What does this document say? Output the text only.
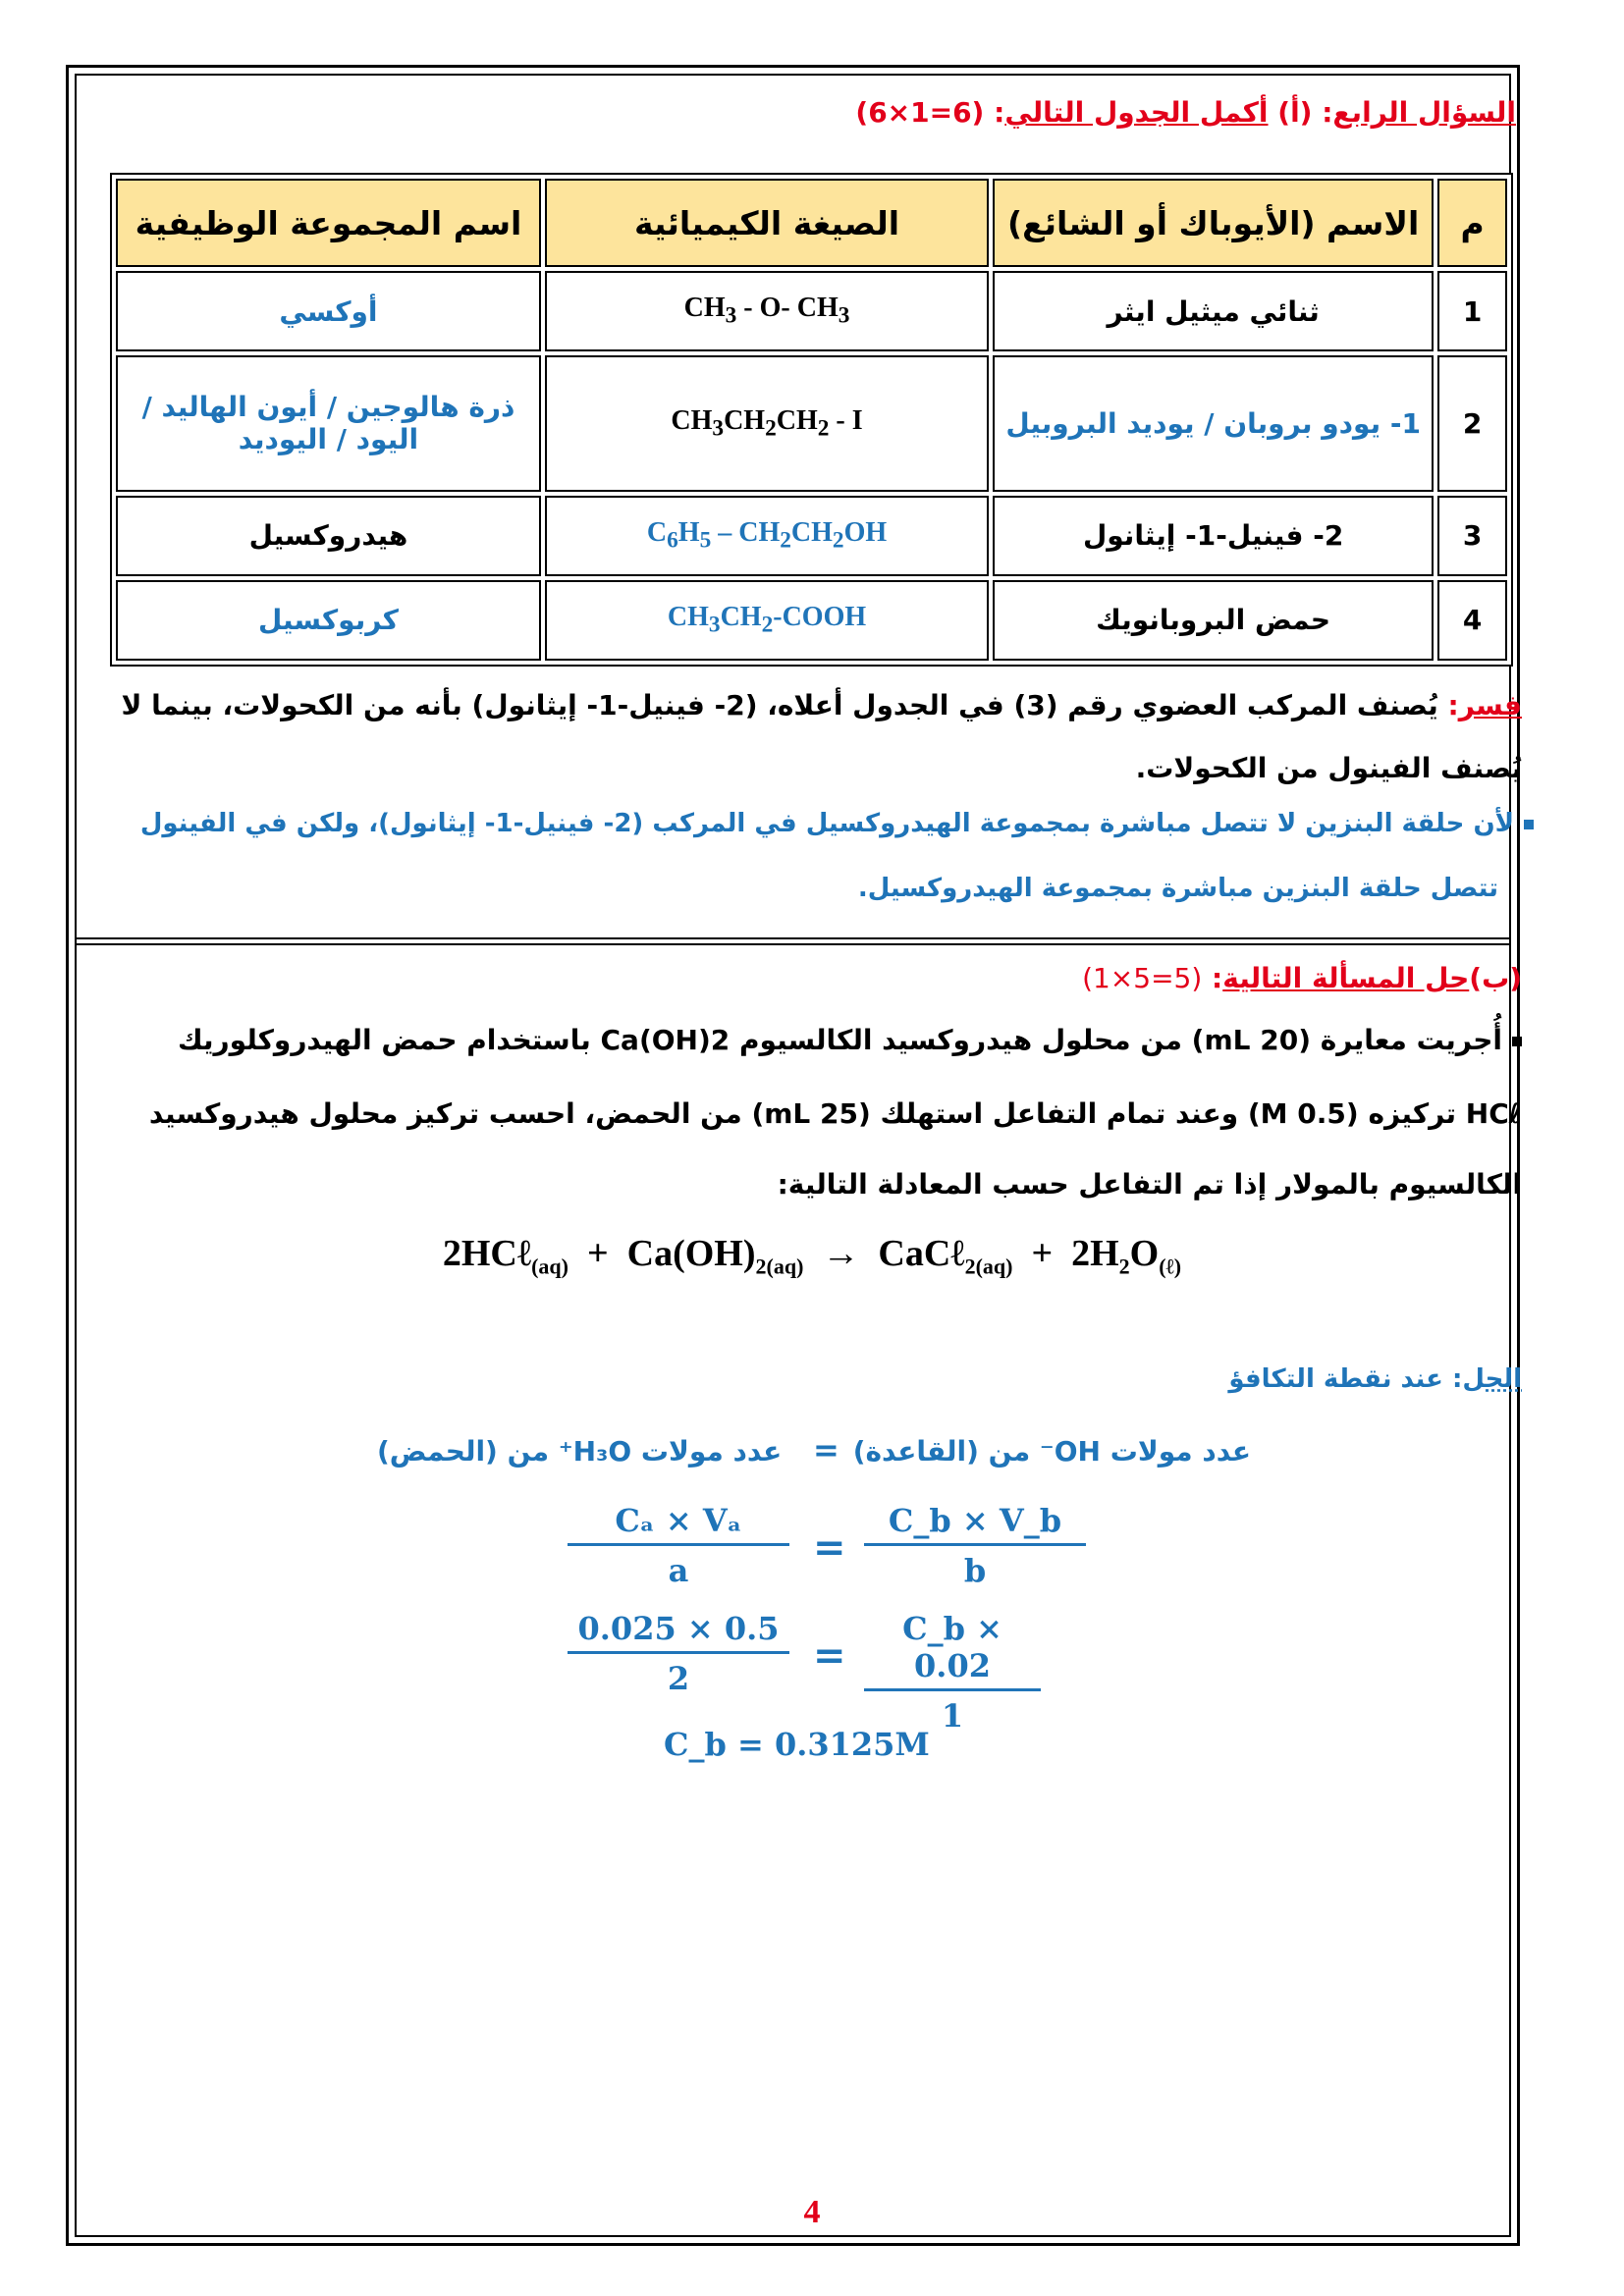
السؤال الرابع: (أ) أكمل الجدول التالي: (6×1=6)
م	الاسم (الأيوباك أو الشائع)	الصيغة الكيميائية	اسم المجموعة الوظيفية
1	ثنائي ميثيل ايثر	$CH_3 - O-$ $CH_3$	أوكسي
2	1- يودو بروبان / يوديد البروبيل	$CH_3CH_2CH_2$ - I	ذرة هالوجين / أيون الهاليد /
اليود / اليوديد

3	2- فينيل-1- إيثانول	$C_6H_5 - CH_2CH_2OH$	هيدروكسيل
4	حمض البروبانويك	$CH_3CH_2$-COOH	كربوكسيل
فسر: يُصنف المركب العضوي رقم (3) في الجدول أعلاه، (2- فينيل-1- إيثانول) بأنه من الكحولات، بينما لا
يُصنف الفينول من الكحولات.
لأن حلقة البنزين لا تتصل مباشرة بمجموعة الهيدروكسيل في المركب (2- فينيل-1- إيثانول)، ولكن في الفينول
تتصل حلقة البنزين مباشرة بمجموعة الهيدروكسيل.
(ب)حل المسألة التالية: (1×5=5)
أُجريت معايرة (20 mL) من محلول هيدروكسيد الكالسيوم Ca(OH)2 باستخدام حمض الهيدروكلوريك
HCℓ تركيزه (0.5 M) وعند تمام التفاعل استهلك (25 mL) من الحمض، احسب تركيز محلول هيدروكسيد
الكالسيوم بالمولار إذا تم التفاعل حسب المعادلة التالية:
2HCℓ$_{(aq)}$  +  $Ca(OH)_{2(aq)}$ → CaCℓ$_{2(aq)}$  +  $2H_2O_{(\ell)}$
الحل: عند نقطة التكافؤ
عدد مولات OH⁻ من (القاعدة)
=
عدد مولات H₃O⁺ من (الحمض)
Cₐ × Vₐ
a	=
C_b × V_b
b
0.5 × 0.025
2	=
C_b × 0.02
1
C_b = 0.3125M
4
